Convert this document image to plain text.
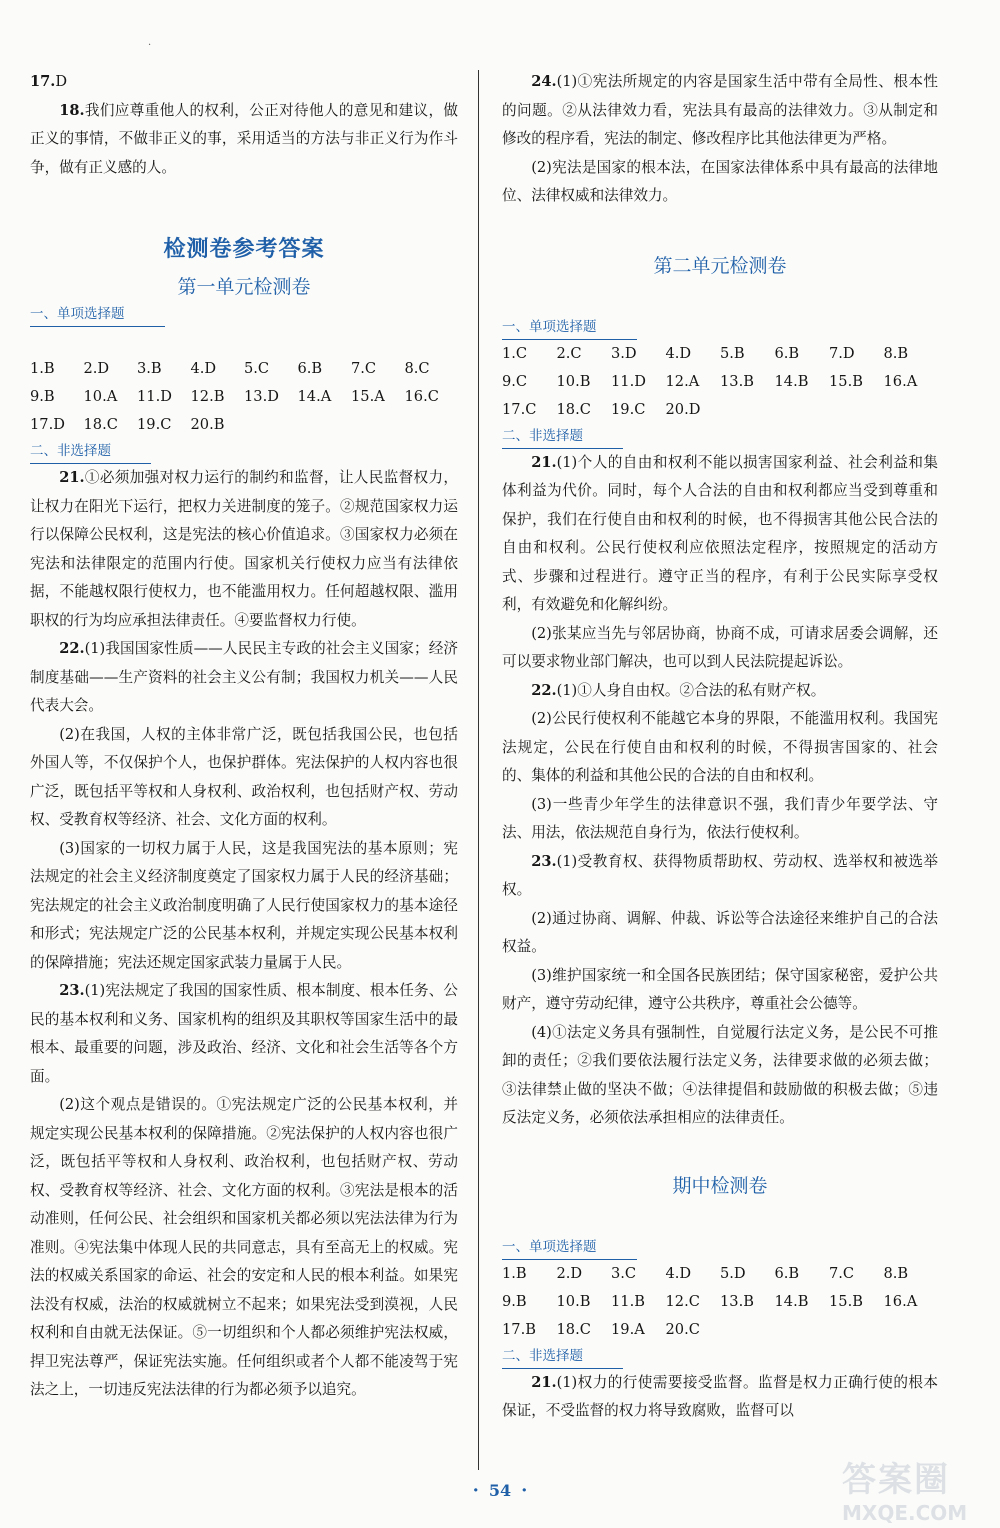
·

17.D

18.我们应尊重他人的权利，公正对待他人的意见和建议，做正义的事情，不做非正义的事，采用适当的方法与非正义行为作斗争，做有正义感的人。

检测卷参考答案
第一单元检测卷
一、单项选择题
1.B	2.D	3.B	4.D	5.C	6.B	7.C	8.C
9.B	10.A	11.D	12.B	13.D	14.A	15.A	16.C
17.D	18.C	19.C	20.B
二、非选择题

21.①必须加强对权力运行的制约和监督，让人民监督权力，让权力在阳光下运行，把权力关进制度的笼子。②规范国家权力运行以保障公民权利，这是宪法的核心价值追求。③国家权力必须在宪法和法律限定的范围内行使。国家机关行使权力应当有法律依据，不能越权限行使权力，也不能滥用权力。任何超越权限、滥用职权的行为均应承担法律责任。④要监督权力行使。

22.(1)我国国家性质——人民民主专政的社会主义国家；经济制度基础——生产资料的社会主义公有制；我国权力机关——人民代表大会。

(2)在我国，人权的主体非常广泛，既包括我国公民，也包括外国人等，不仅保护个人，也保护群体。宪法保护的人权内容也很广泛，既包括平等权和人身权利、政治权利，也包括财产权、劳动权、受教育权等经济、社会、文化方面的权利。

(3)国家的一切权力属于人民，这是我国宪法的基本原则；宪法规定的社会主义经济制度奠定了国家权力属于人民的经济基础；宪法规定的社会主义政治制度明确了人民行使国家权力的基本途径和形式；宪法规定广泛的公民基本权利，并规定实现公民基本权利的保障措施；宪法还规定国家武装力量属于人民。

23.(1)宪法规定了我国的国家性质、根本制度、根本任务、公民的基本权利和义务、国家机构的组织及其职权等国家生活中的最根本、最重要的问题，涉及政治、经济、文化和社会生活等各个方面。

(2)这个观点是错误的。①宪法规定广泛的公民基本权利，并规定实现公民基本权利的保障措施。②宪法保护的人权内容也很广泛，既包括平等权和人身权利、政治权利，也包括财产权、劳动权、受教育权等经济、社会、文化方面的权利。③宪法是根本的活动准则，任何公民、社会组织和国家机关都必须以宪法法律为行为准则。④宪法集中体现人民的共同意志，具有至高无上的权威。宪法的权威关系国家的命运、社会的安定和人民的根本利益。如果宪法没有权威，法治的权威就树立不起来；如果宪法受到漠视，人民权利和自由就无法保证。⑤一切组织和个人都必须维护宪法权威，捍卫宪法尊严，保证宪法实施。任何组织或者个人都不能凌驾于宪法之上，一切违反宪法法律的行为都必须予以追究。

24.(1)①宪法所规定的内容是国家生活中带有全局性、根本性的问题。②从法律效力看，宪法具有最高的法律效力。③从制定和修改的程序看，宪法的制定、修改程序比其他法律更为严格。

(2)宪法是国家的根本法，在国家法律体系中具有最高的法律地位、法律权威和法律效力。

第二单元检测卷
一、单项选择题
1.C	2.C	3.D	4.D	5.B	6.B	7.D	8.B
9.C	10.B	11.D	12.A	13.B	14.B	15.B	16.A
17.C	18.C	19.C	20.D
二、非选择题

21.(1)个人的自由和权利不能以损害国家利益、社会利益和集体利益为代价。同时，每个人合法的自由和权利都应当受到尊重和保护，我们在行使自由和权利的时候，也不得损害其他公民合法的自由和权利。公民行使权利应依照法定程序，按照规定的活动方式、步骤和过程进行。遵守正当的程序，有利于公民实际享受权利，有效避免和化解纠纷。

(2)张某应当先与邻居协商，协商不成，可请求居委会调解，还可以要求物业部门解决，也可以到人民法院提起诉讼。

22.(1)①人身自由权。②合法的私有财产权。

(2)公民行使权利不能越它本身的界限，不能滥用权利。我国宪法规定，公民在行使自由和权利的时候，不得损害国家的、社会的、集体的利益和其他公民的合法的自由和权利。

(3)一些青少年学生的法律意识不强，我们青少年要学法、守法、用法，依法规范自身行为，依法行使权利。

23.(1)受教育权、获得物质帮助权、劳动权、选举权和被选举权。

(2)通过协商、调解、仲裁、诉讼等合法途径来维护自己的合法权益。

(3)维护国家统一和全国各民族团结；保守国家秘密，爱护公共财产，遵守劳动纪律，遵守公共秩序，尊重社会公德等。

(4)①法定义务具有强制性，自觉履行法定义务，是公民不可推卸的责任；②我们要依法履行法定义务，法律要求做的必须去做；③法律禁止做的坚决不做；④法律提倡和鼓励做的积极去做；⑤违反法定义务，必须依法承担相应的法律责任。

期中检测卷
一、单项选择题
1.B	2.D	3.C	4.D	5.D	6.B	7.C	8.B
9.B	10.B	11.B	12.C	13.B	14.B	15.B	16.A
17.B	18.C	19.A	20.C
二、非选择题

21.(1)权力的行使需要接受监督。监督是权力正确行使的根本保证，不受监督的权力将导致腐败，监督可以

· 54 ·	答案圈
MXQE.COM
